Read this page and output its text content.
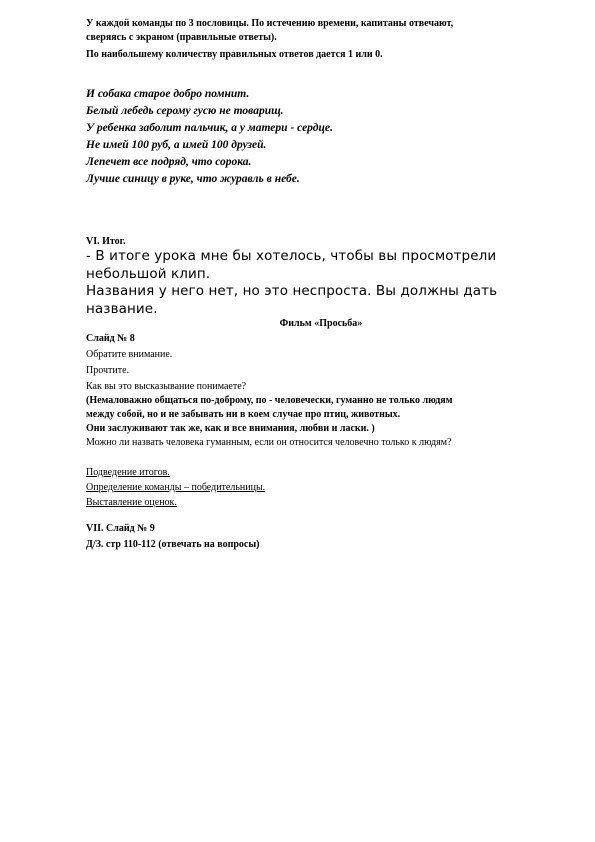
У каждой команды по 3 пословицы. По истечению времени, капитаны отвечают,
сверяясь с экраном (правильные ответы).
По наибольшему количеству правильных ответов дается 1 или 0.
И собака старое добро помнит.
Белый лебедь серому гусю не товарищ.
У ребенка заболит пальчик, а у матери - сердце.
Не имей 100 руб, а имей 100 друзей.
Лепечет все подряд, что сорока.
Лучше синицу в руке, что журавль в небе.
VI. Итог.
- В итоге урока мне бы хотелось, чтобы вы просмотрели
небольшой клип.
Названия у него нет, но это неспроста. Вы должны дать
название.
Фильм «Просьба»
Слайд № 8
Обратите внимание.
Прочтите.
Как вы это высказывание понимаете?
(Немаловажно общаться по-доброму, по - человечески, гуманно не только людям
между собой, но и не забывать ни в коем случае про птиц, животных.
Они заслуживают так же, как и все внимания, любви и ласки. )
Можно ли назвать человека гуманным, если он относится человечно только к людям?
Подведение итогов.
Определение команды – победительницы.
Выставление оценок.
VII. Слайд № 9
Д/З. стр 110-112 (отвечать на вопросы)
